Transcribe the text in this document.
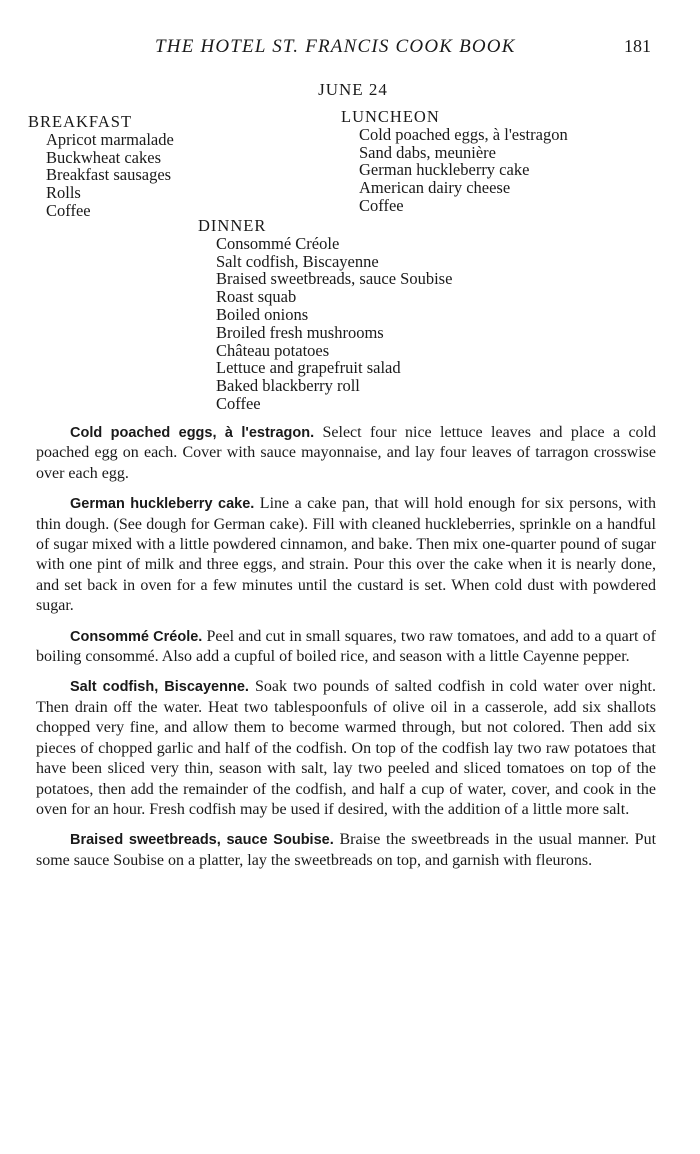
THE HOTEL ST. FRANCIS COOK BOOK	181
JUNE 24
BREAKFAST
Apricot marmalade
Buckwheat cakes
Breakfast sausages
Rolls
Coffee
LUNCHEON
Cold poached eggs, à l'estragon
Sand dabs, meunière
German huckleberry cake
American dairy cheese
Coffee
DINNER
Consommé Créole
Salt codfish, Biscayenne
Braised sweetbreads, sauce Soubise
Roast squab
Boiled onions
Broiled fresh mushrooms
Château potatoes
Lettuce and grapefruit salad
Baked blackberry roll
Coffee

Cold poached eggs, à l'estragon. Select four nice lettuce leaves and place a cold poached egg on each. Cover with sauce mayonnaise, and lay four leaves of tarragon crosswise over each egg.

German huckleberry cake. Line a cake pan, that will hold enough for six persons, with thin dough. (See dough for German cake). Fill with cleaned huckleberries, sprinkle on a handful of sugar mixed with a little powdered cinnamon, and bake. Then mix one-quarter pound of sugar with one pint of milk and three eggs, and strain. Pour this over the cake when it is nearly done, and set back in oven for a few minutes until the custard is set. When cold dust with powdered sugar.

Consommé Créole. Peel and cut in small squares, two raw tomatoes, and add to a quart of boiling consommé. Also add a cupful of boiled rice, and season with a little Cayenne pepper.

Salt codfish, Biscayenne. Soak two pounds of salted codfish in cold water over night. Then drain off the water. Heat two tablespoonfuls of olive oil in a casserole, add six shallots chopped very fine, and allow them to become warmed through, but not colored. Then add six pieces of chopped garlic and half of the codfish. On top of the codfish lay two raw potatoes that have been sliced very thin, season with salt, lay two peeled and sliced tomatoes on top of the potatoes, then add the remainder of the codfish, and half a cup of water, cover, and cook in the oven for an hour. Fresh codfish may be used if desired, with the addition of a little more salt.

Braised sweetbreads, sauce Soubise. Braise the sweetbreads in the usual manner. Put some sauce Soubise on a platter, lay the sweetbreads on top, and garnish with fleurons.
